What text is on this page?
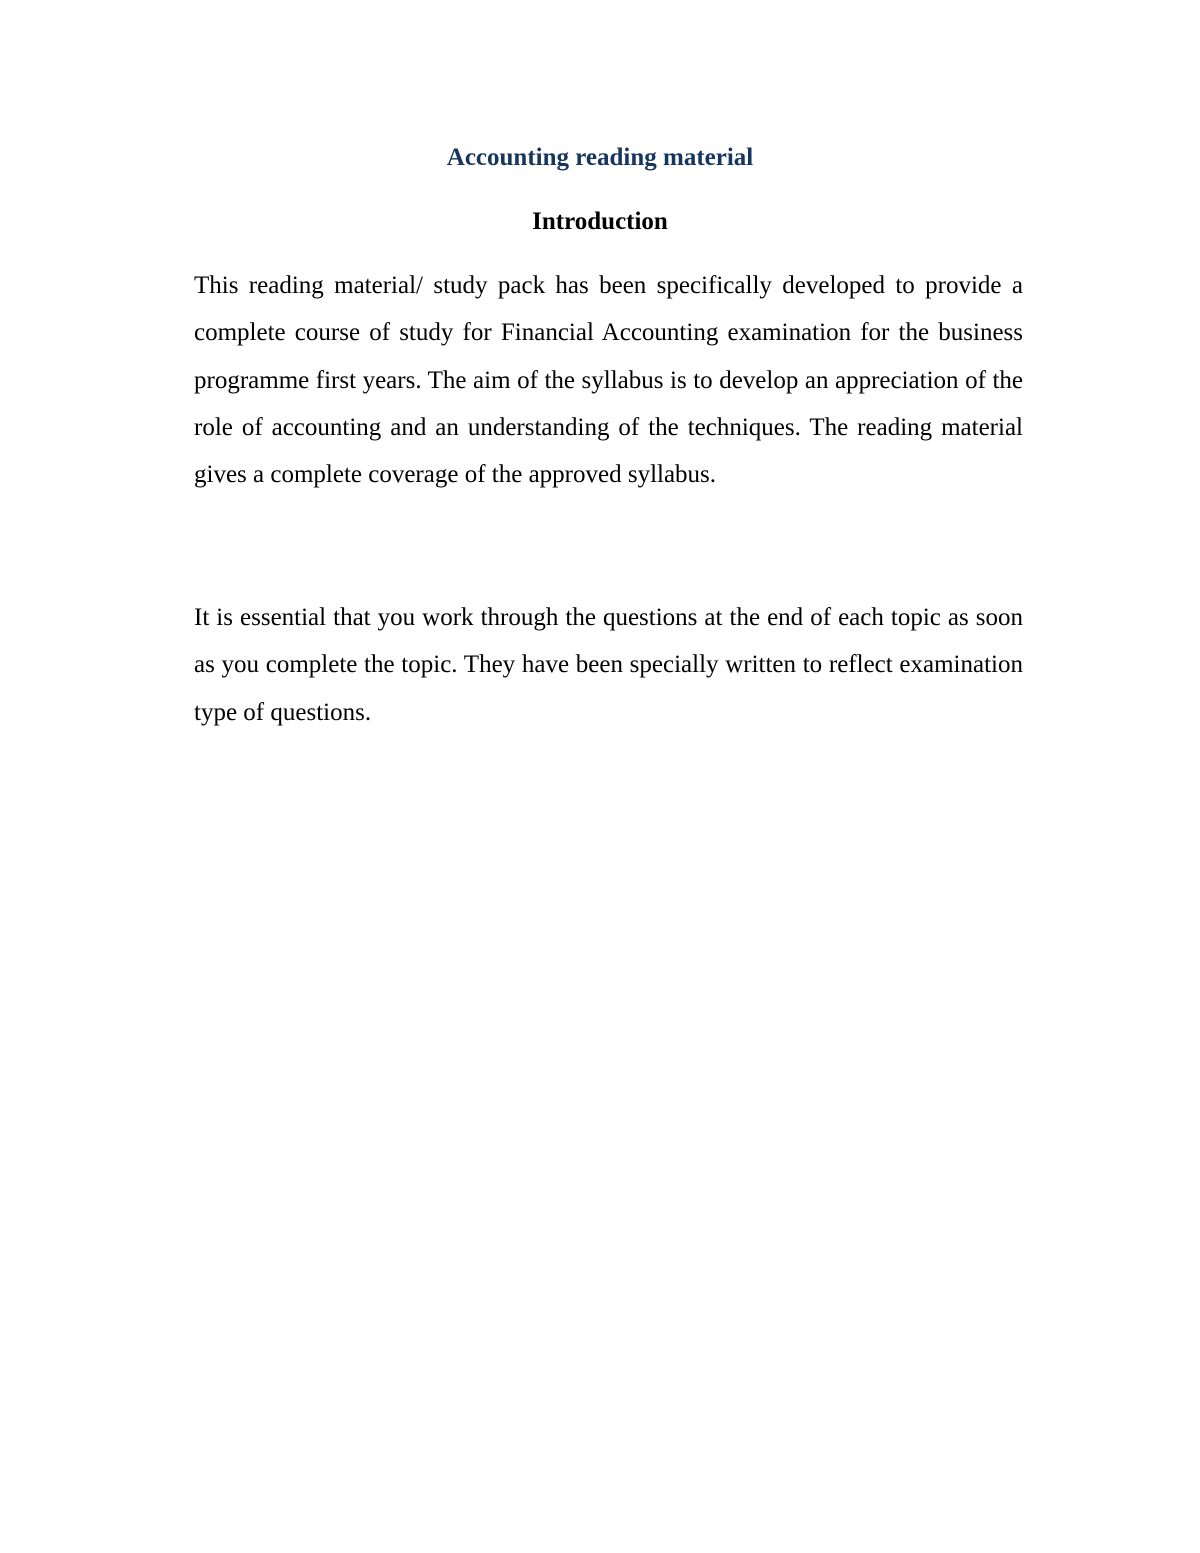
Accounting reading material
Introduction

This reading material/ study pack has been specifically developed to provide a complete course of study for Financial Accounting examination for the business programme first years. The aim of the syllabus is to develop an appreciation of the role of accounting and an understanding of the techniques. The reading material gives a complete coverage of the approved syllabus.

It is essential that you work through the questions at the end of each topic as soon as you complete the topic. They have been specially written to reflect examination type of questions.
